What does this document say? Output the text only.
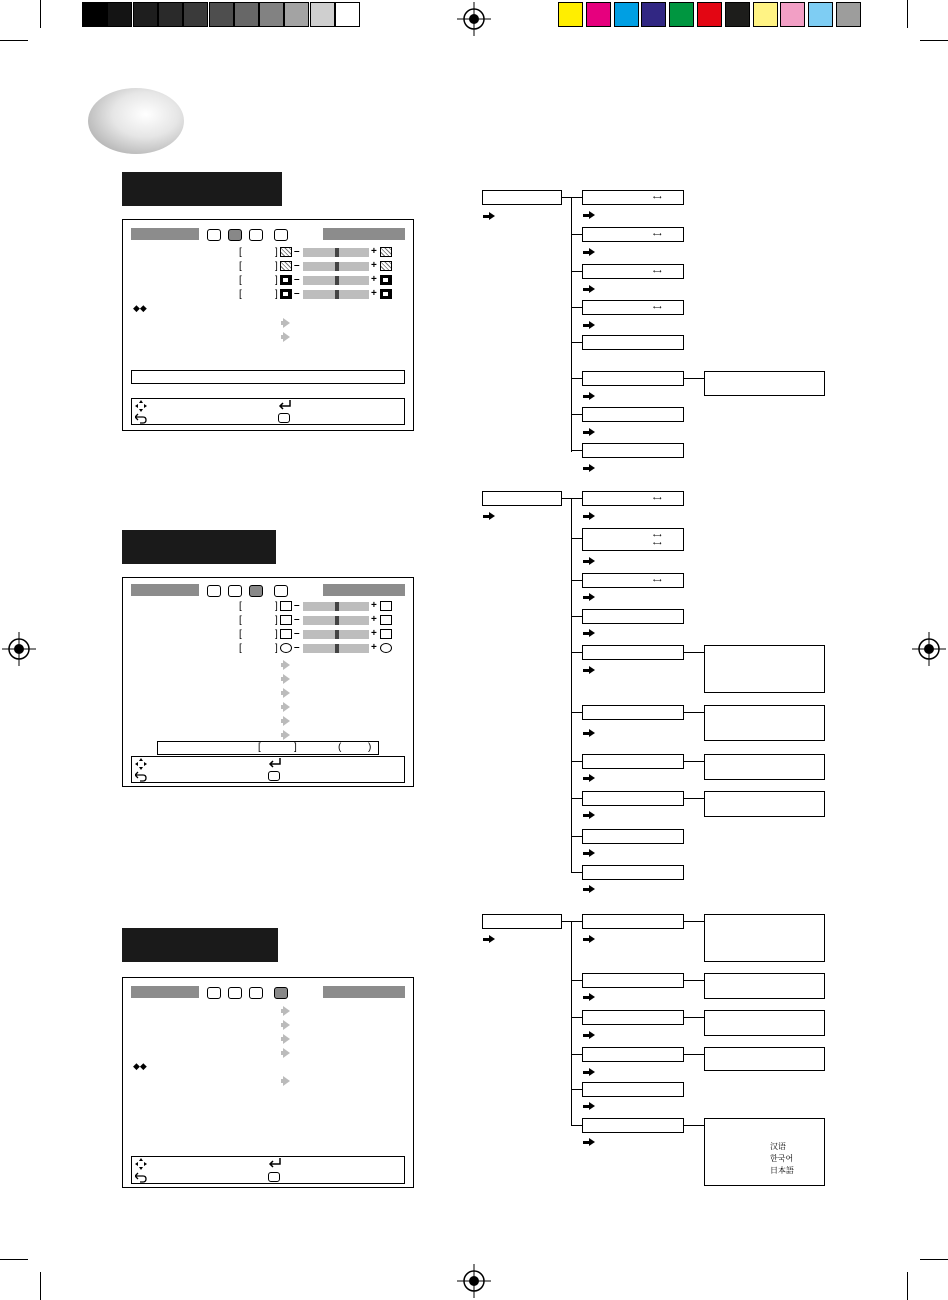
[	] –	+
[	] –	+
[	] –	+
[	] –	+
◆◆
[	] –	+
[	] –	+
[	] –	+
[	] –	+
[	]	(	)
◆◆
⟷
⟷
⟷
⟷
⟷
⟷
⟷
⟷
汉语
한국어
日本語
